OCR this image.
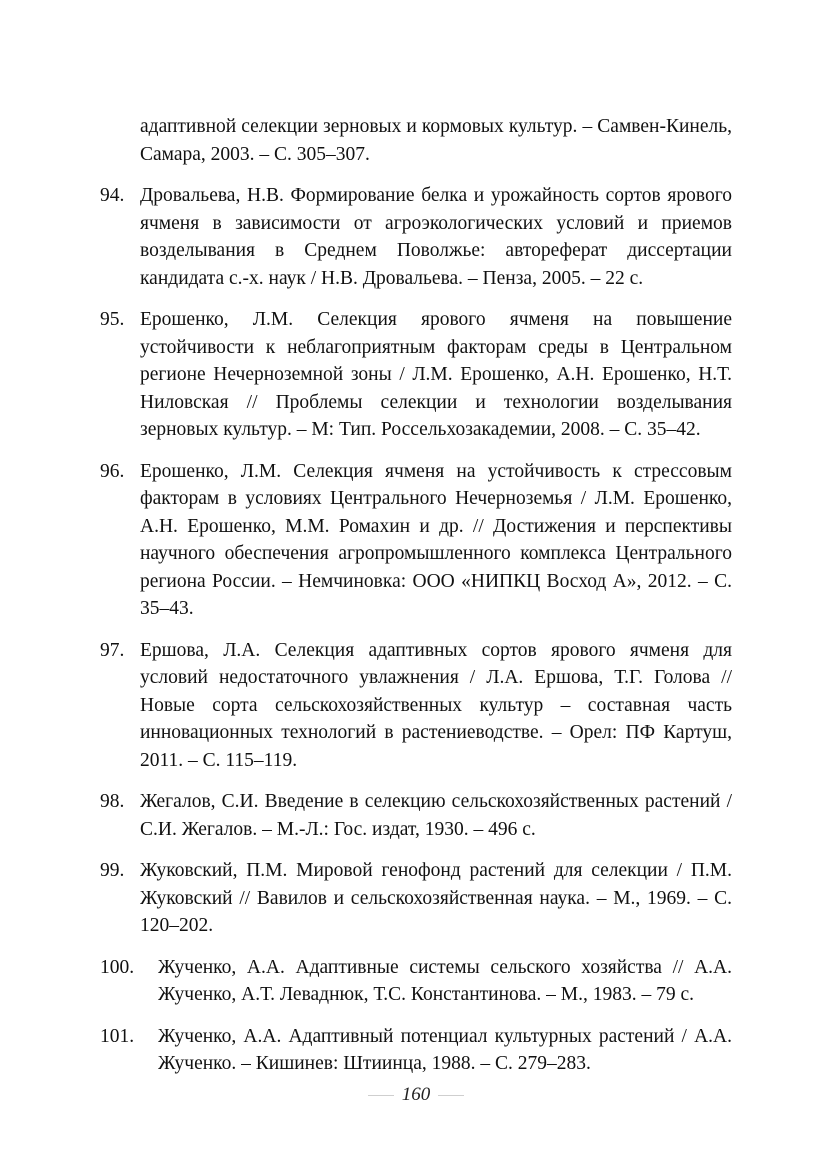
адаптивной селекции зерновых и кормовых культур. – Самвен-Кинель, Самара, 2003. – С. 305–307.

94. Дровальева, Н.В. Формирование белка и урожайность сортов ярового ячменя в зависимости от агроэкологических условий и приемов возделывания в Среднем Поволжье: автореферат диссертации кандидата с.-х. наук / Н.В. Дровальева. – Пенза, 2005. – 22 с.
95. Ерошенко, Л.М. Селекция ярового ячменя на повышение устойчивости к неблагоприятным факторам среды в Центральном регионе Нечерноземной зоны / Л.М. Ерошенко, А.Н. Ерошенко, Н.Т. Ниловская // Проблемы селекции и технологии возделывания зерновых культур. – М: Тип. Россельхозакадемии, 2008. – С. 35–42.
96. Ерошенко, Л.М. Селекция ячменя на устойчивость к стрессовым факторам в условиях Центрального Нечерноземья / Л.М. Ерошенко, А.Н. Ерошенко, М.М. Ромахин и др. // Достижения и перспективы научного обеспечения агропромышленного комплекса Центрального региона России. – Немчиновка: ООО «НИПКЦ Восход А», 2012. – С. 35–43.
97. Ершова, Л.А. Селекция адаптивных сортов ярового ячменя для условий недостаточного увлажнения / Л.А. Ершова, Т.Г. Голова // Новые сорта сельскохозяйственных культур – составная часть инновационных технологий в растениеводстве. – Орел: ПФ Картуш, 2011. – С. 115–119.
98. Жегалов, С.И. Введение в селекцию сельскохозяйственных растений / С.И. Жегалов. – М.-Л.: Гос. издат, 1930. – 496 с.
99. Жуковский, П.М. Мировой генофонд растений для селекции / П.М. Жуковский // Вавилов и сельскохозяйственная наука. – М., 1969. – С. 120–202.
100.	Жученко, А.А. Адаптивные системы сельского хозяйства // А.А. Жученко, А.Т. Леваднюк, Т.С. Константинова. – М., 1983. – 79 с.
101.	Жученко, А.А. Адаптивный потенциал культурных растений / А.А. Жученко. – Кишинев: Штиинца, 1988. – С. 279–283.
160
